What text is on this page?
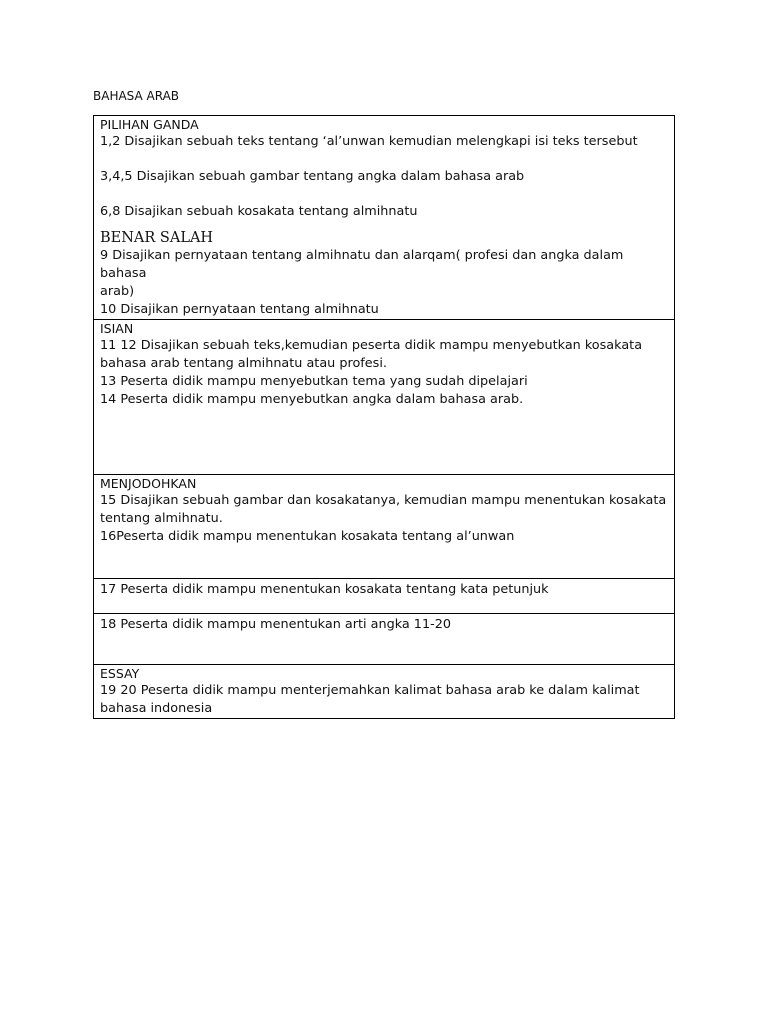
BAHASA ARAB
PILIHAN GANDA
1,2 Disajikan sebuah teks tentang ‘al’unwan kemudian melengkapi isi teks tersebut
3,4,5 Disajikan sebuah gambar tentang angka dalam bahasa arab
6,8 Disajikan sebuah kosakata tentang almihnatu
BENAR SALAH
9 Disajikan pernyataan tentang almihnatu dan alarqam( profesi dan angka dalam bahasa
arab)
10 Disajikan pernyataan tentang almihnatu

ISIAN
11 12 Disajikan sebuah teks,kemudian peserta didik mampu menyebutkan kosakata
bahasa arab tentang almihnatu atau profesi.
13 Peserta didik mampu menyebutkan tema yang sudah dipelajari
14 Peserta didik mampu menyebutkan angka dalam bahasa arab.

MENJODOHKAN
15 Disajikan sebuah gambar dan kosakatanya, kemudian mampu menentukan kosakata
tentang almihnatu.
16Peserta didik mampu menentukan kosakata tentang al’unwan

17 Peserta didik mampu menentukan kosakata tentang kata petunjuk

18 Peserta didik mampu menentukan arti angka 11-20

ESSAY
19 20 Peserta didik mampu menterjemahkan kalimat bahasa arab ke dalam kalimat
bahasa indonesia
